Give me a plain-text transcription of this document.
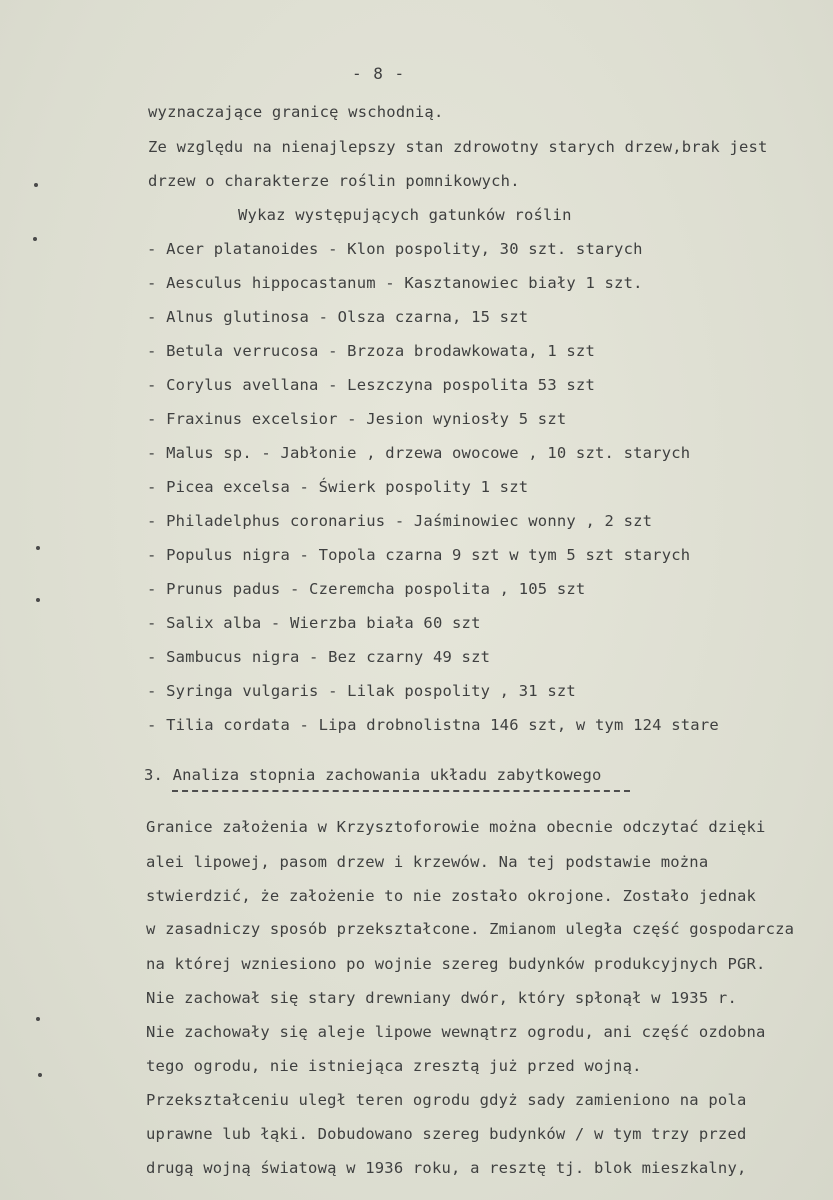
- 8 -
wyznaczające granicę wschodnią.
Ze względu na nienajlepszy stan zdrowotny starych drzew,brak jest
drzew o charakterze roślin pomnikowych.
Wykaz występujących gatunków roślin
- Acer platanoides - Klon pospolity, 30 szt. starych
- Aesculus hippocastanum - Kasztanowiec biały 1 szt.
- Alnus glutinosa - Olsza czarna, 15 szt
- Betula verrucosa - Brzoza brodawkowata, 1 szt
- Corylus avellana - Leszczyna pospolita 53 szt
- Fraxinus excelsior - Jesion wyniosły 5 szt
- Malus sp. - Jabłonie , drzewa owocowe , 10 szt. starych
- Picea excelsa - Świerk pospolity 1 szt
- Philadelphus coronarius - Jaśminowiec wonny , 2 szt
- Populus nigra - Topola czarna 9 szt w tym 5 szt starych
- Prunus padus - Czeremcha pospolita , 105 szt
- Salix alba - Wierzba biała 60 szt
- Sambucus nigra - Bez czarny 49 szt
- Syringa vulgaris - Lilak pospolity , 31 szt
- Tilia cordata - Lipa drobnolistna 146 szt, w tym 124 stare
3. Analiza stopnia zachowania układu zabytkowego
Granice założenia w Krzysztoforowie można obecnie odczytać dzięki
alei lipowej, pasom drzew i krzewów. Na tej podstawie można
stwierdzić, że założenie to nie zostało okrojone. Zostało jednak
w zasadniczy sposób przekształcone. Zmianom uległa część gospodarcza
na której wzniesiono po wojnie szereg budynków produkcyjnych PGR.
Nie zachował się stary drewniany dwór, który spłonął w 1935 r.
Nie zachowały się aleje lipowe wewnątrz ogrodu, ani część ozdobna
tego ogrodu, nie istniejąca zresztą już przed wojną.
Przekształceniu uległ teren ogrodu gdyż sady zamieniono na pola
uprawne lub łąki. Dobudowano szereg budynków / w tym trzy przed
drugą wojną światową w 1936 roku, a resztę tj. blok mieszkalny,
